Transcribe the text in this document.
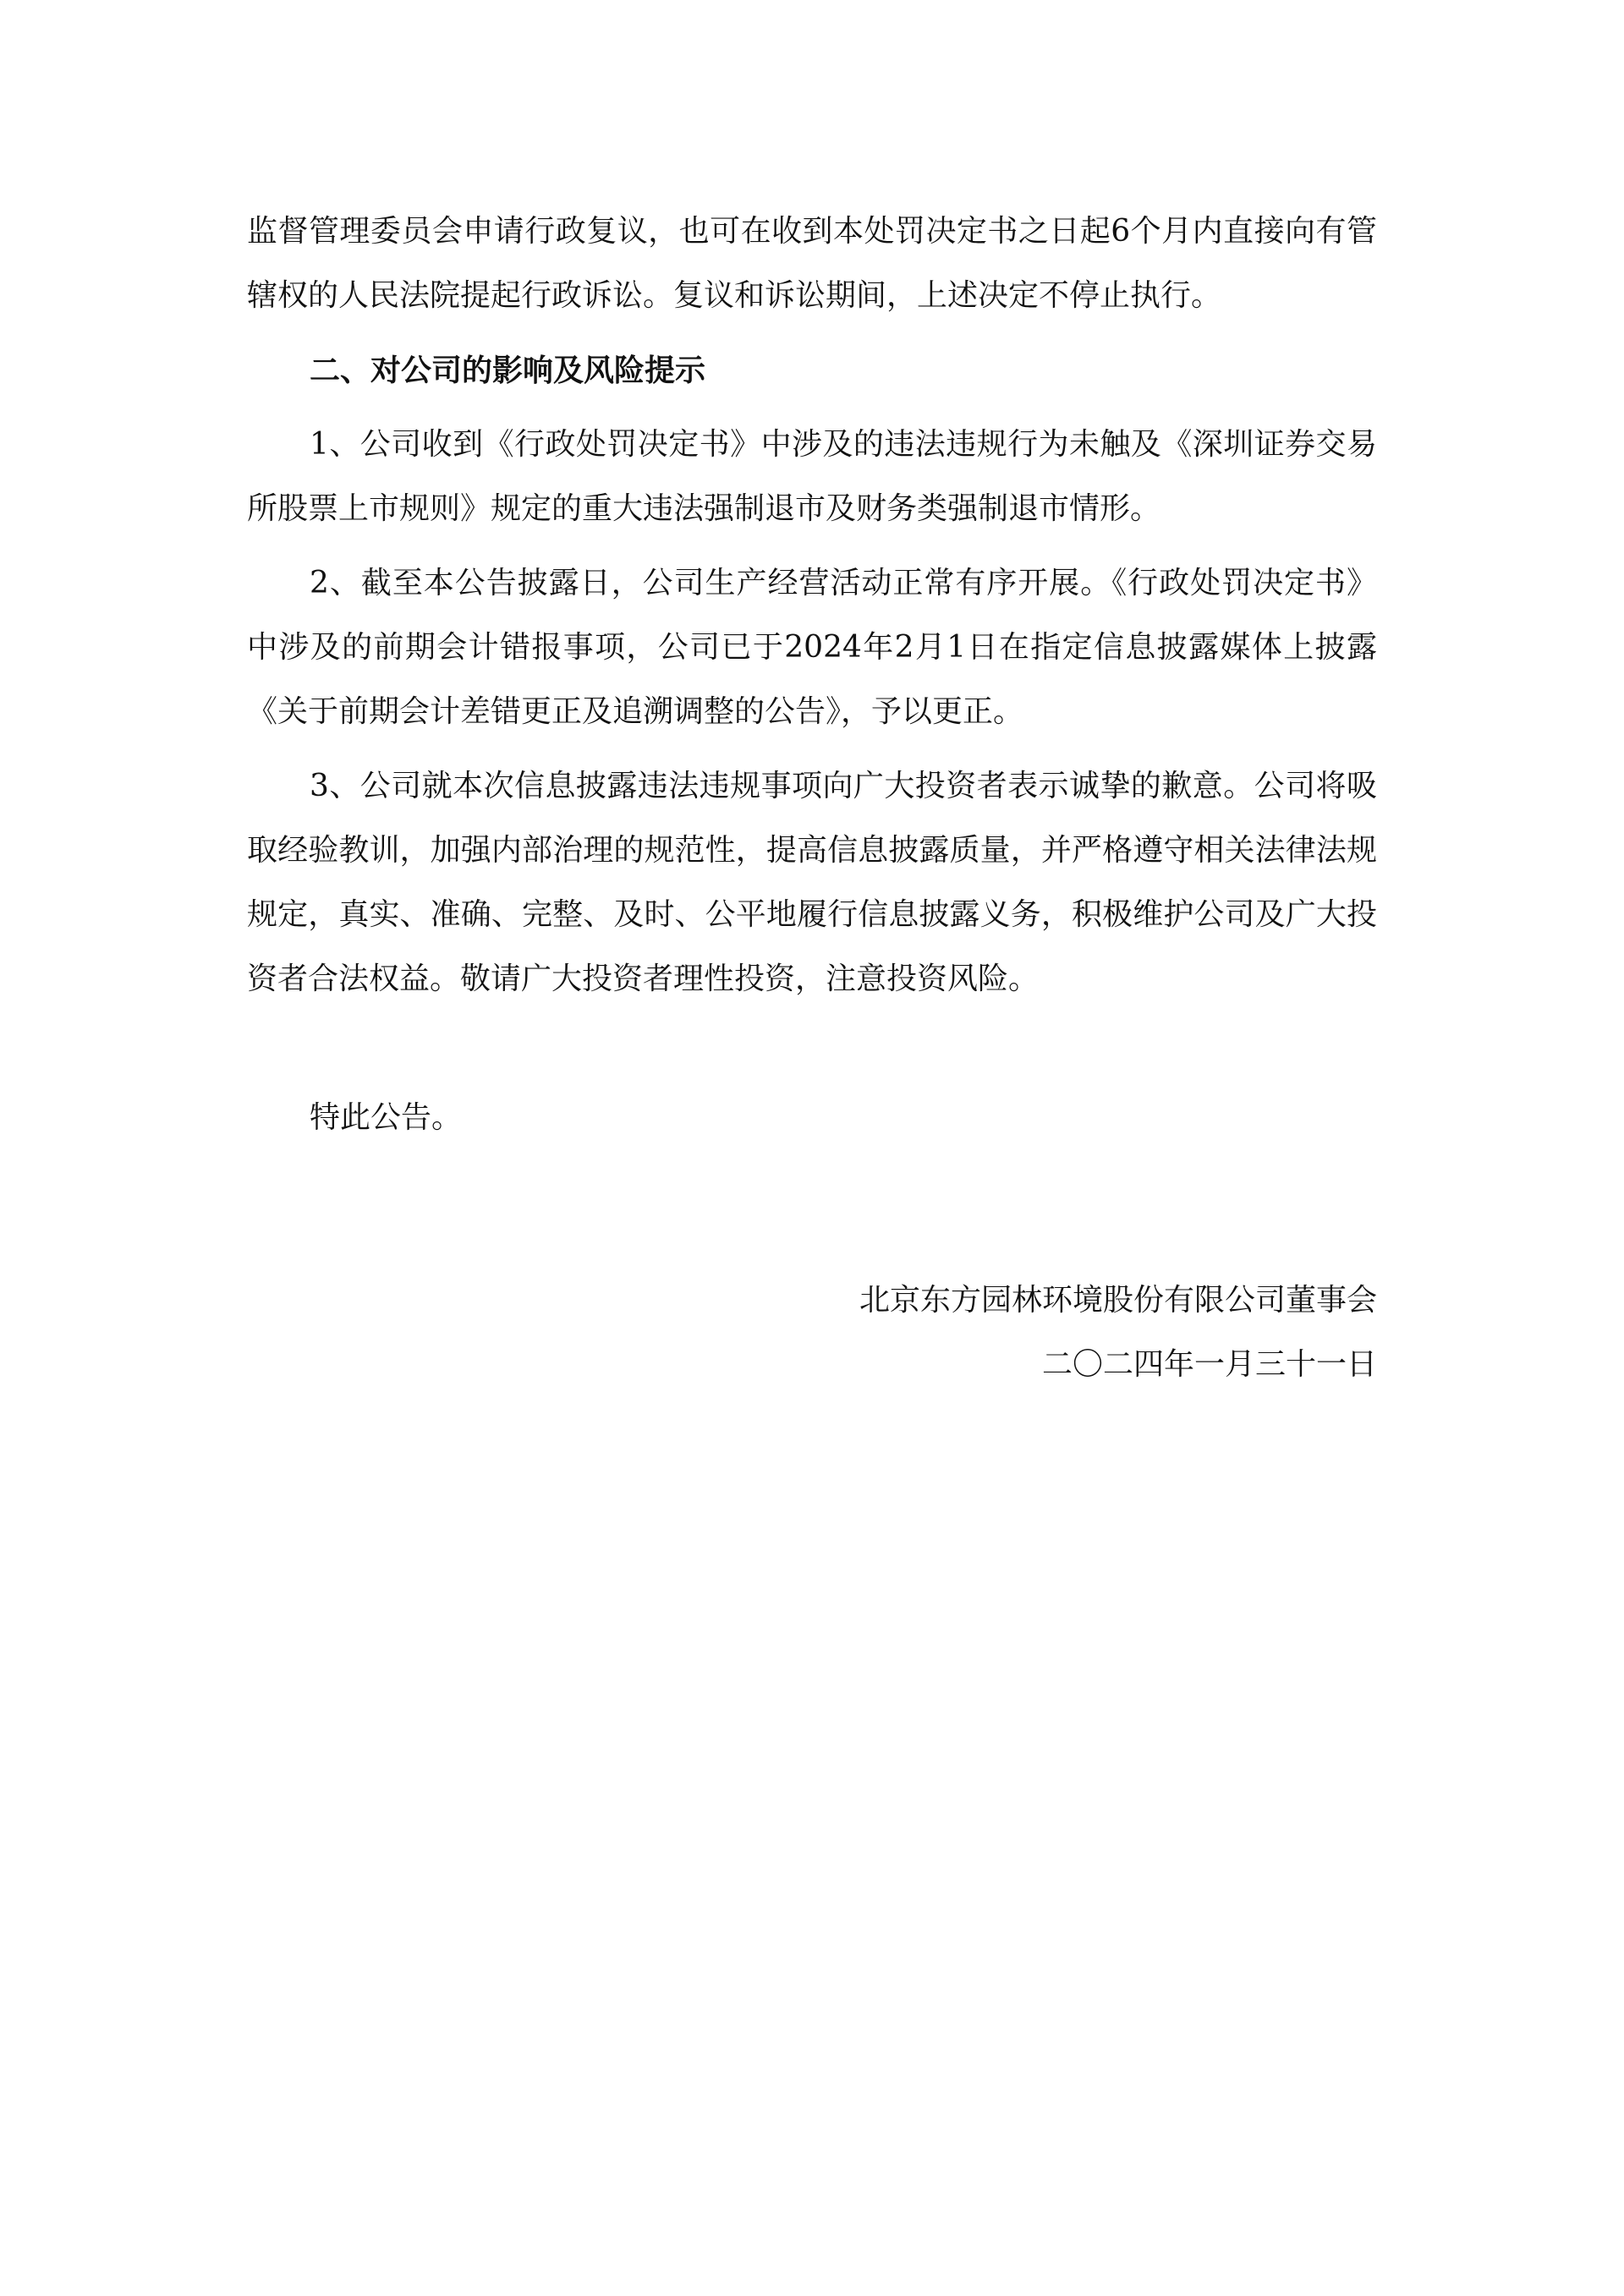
监督管理委员会申请行政复议，也可在收到本处罚决定书之日起6个月内直接向有管辖权的人民法院提起行政诉讼。复议和诉讼期间，上述决定不停止执行。

二、对公司的影响及风险提示

1、公司收到《行政处罚决定书》中涉及的违法违规行为未触及《深圳证券交易所股票上市规则》规定的重大违法强制退市及财务类强制退市情形。

2、截至本公告披露日，公司生产经营活动正常有序开展。《行政处罚决定书》中涉及的前期会计错报事项，公司已于2024年2月1日在指定信息披露媒体上披露《关于前期会计差错更正及追溯调整的公告》，予以更正。

3、公司就本次信息披露违法违规事项向广大投资者表示诚挚的歉意。公司将吸取经验教训，加强内部治理的规范性，提高信息披露质量，并严格遵守相关法律法规规定，真实、准确、完整、及时、公平地履行信息披露义务，积极维护公司及广大投资者合法权益。敬请广大投资者理性投资，注意投资风险。

特此公告。

北京东方园林环境股份有限公司董事会
二〇二四年一月三十一日
